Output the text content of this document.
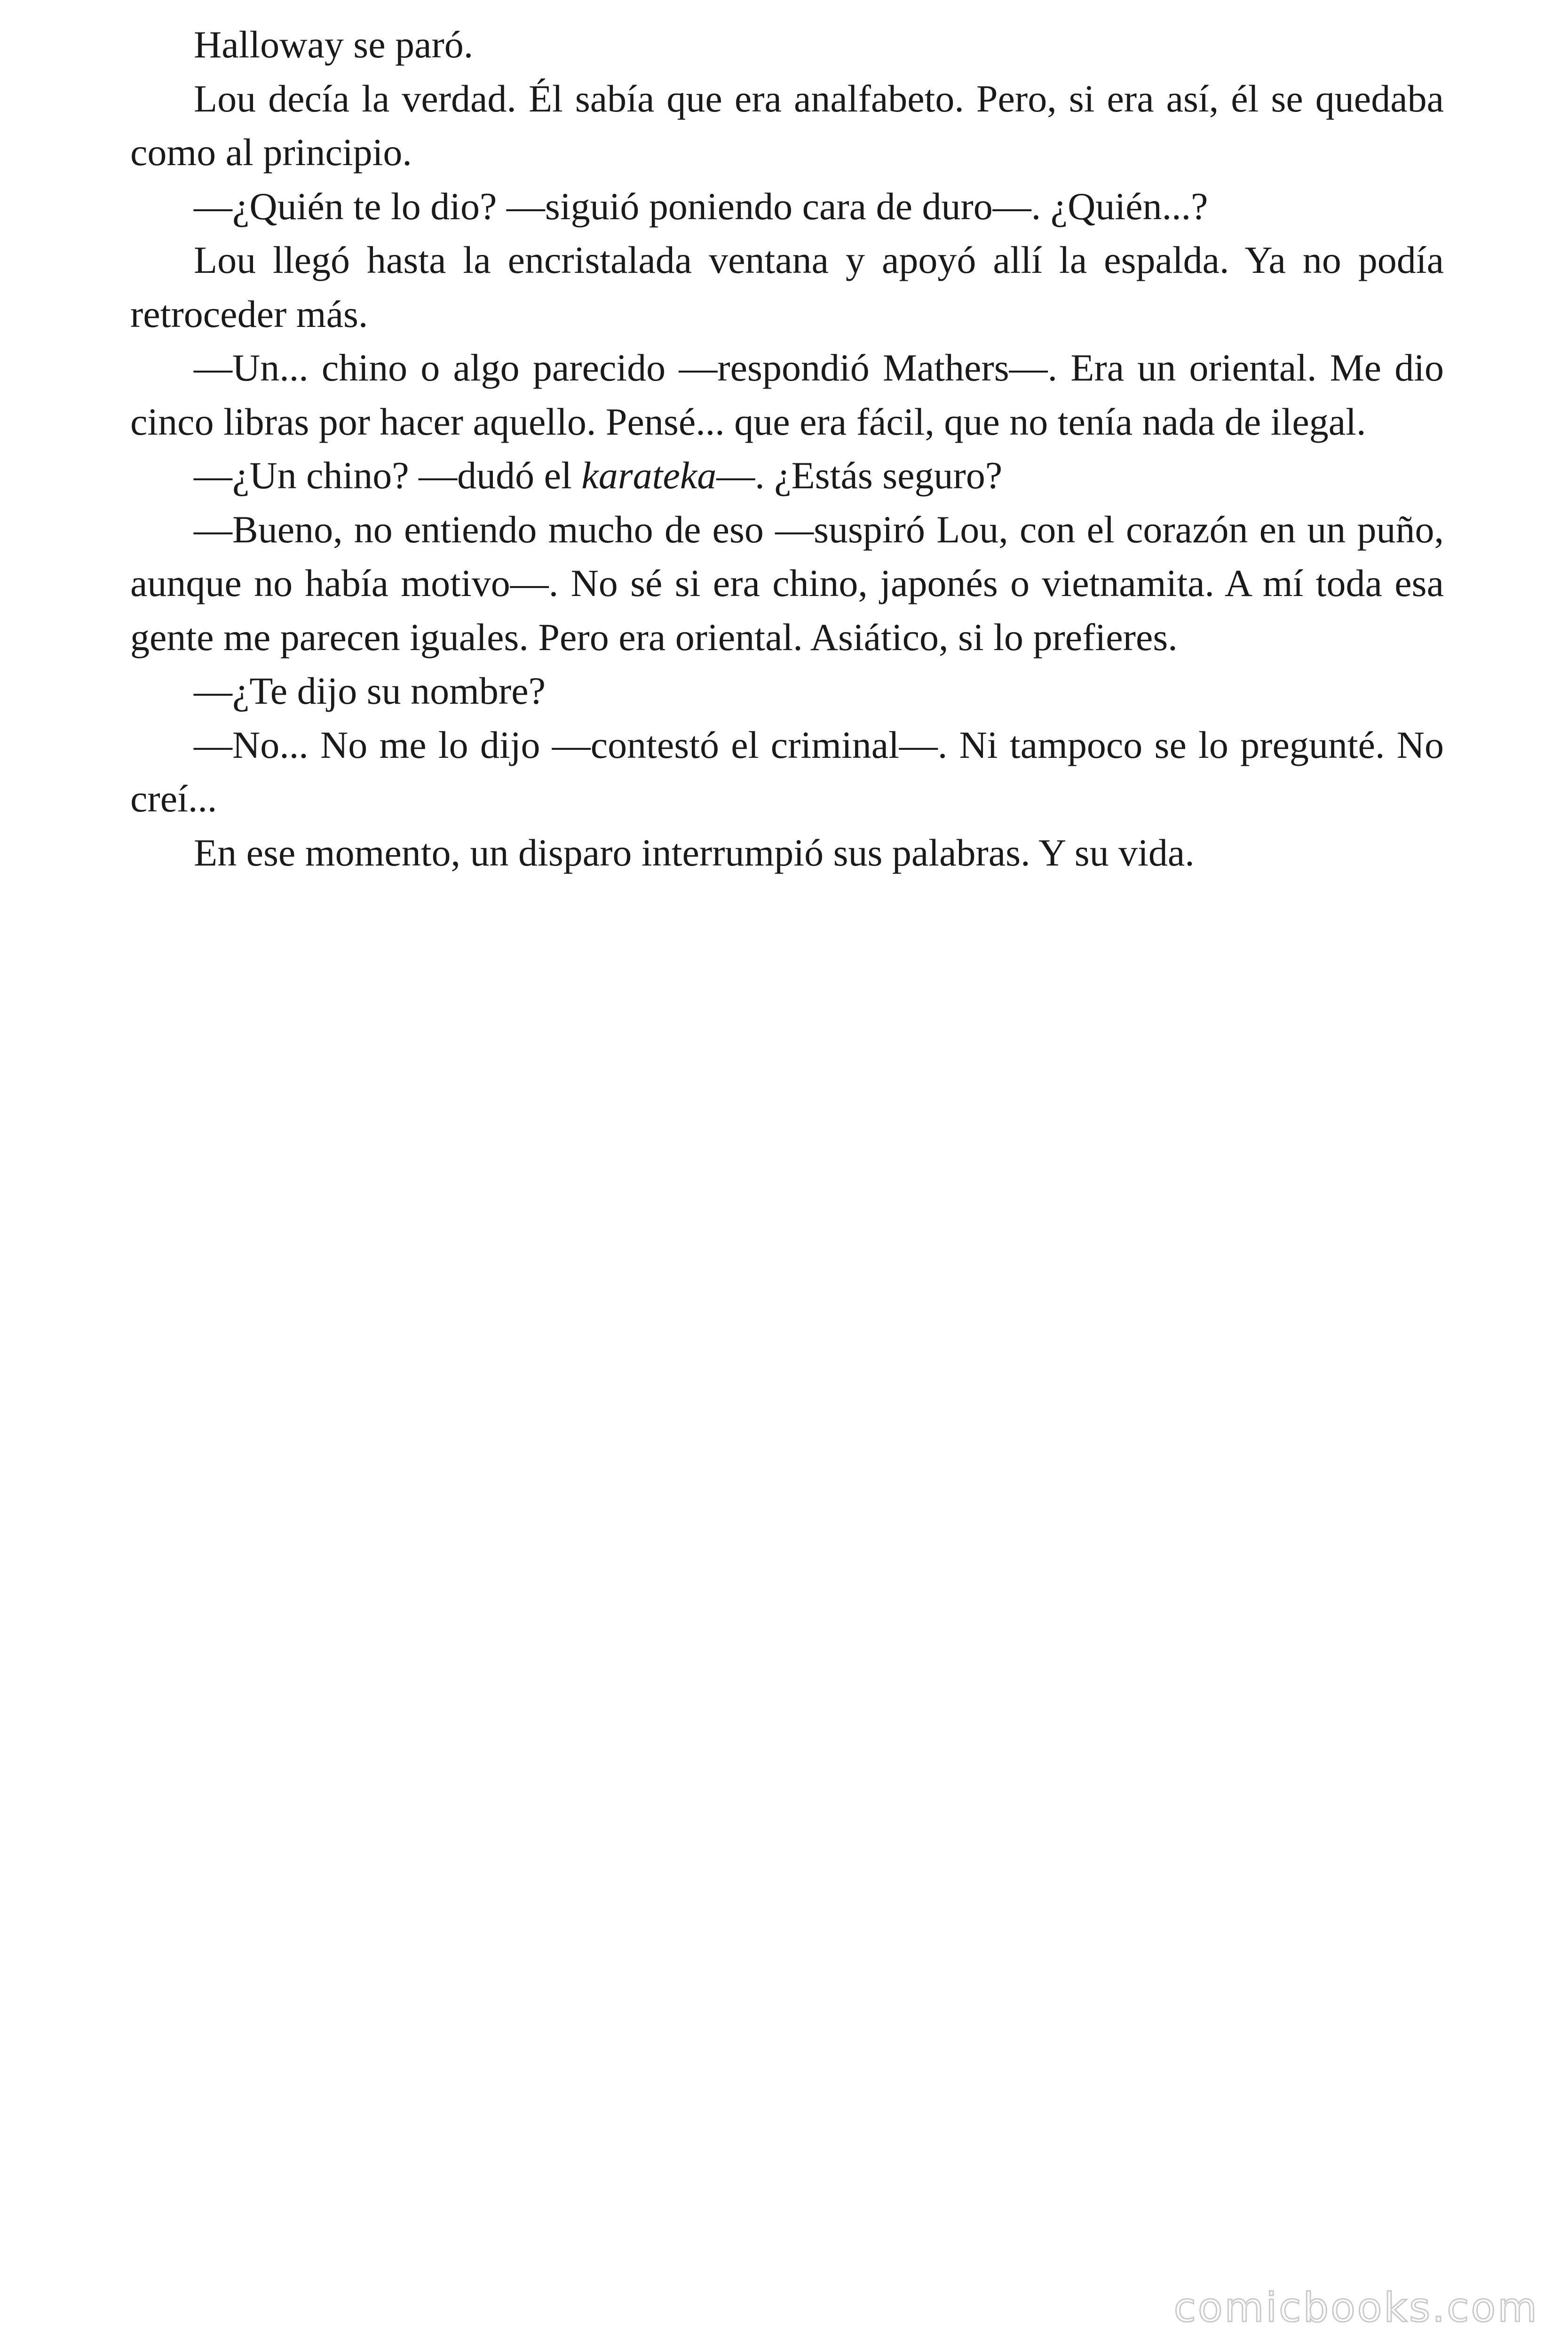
Halloway se paró.

Lou decía la verdad. Él sabía que era analfabeto. Pero, si era así, él se quedaba como al principio.

—¿Quién te lo dio? —siguió poniendo cara de duro—. ¿Quién...?

Lou llegó hasta la encristalada ventana y apoyó allí la espalda. Ya no podía retroceder más.

—Un... chino o algo parecido —respondió Mathers—. Era un oriental. Me dio cinco libras por hacer aquello. Pensé... que era fácil, que no tenía nada de ilegal.

—¿Un chino? —dudó el karateka—. ¿Estás seguro?

—Bueno, no entiendo mucho de eso —suspiró Lou, con el corazón en un puño, aunque no había motivo—. No sé si era chino, japonés o vietnamita. A mí toda esa gente me parecen iguales. Pero era oriental. Asiático, si lo prefieres.

—¿Te dijo su nombre?

—No... No me lo dijo —contestó el criminal—. Ni tampoco se lo pregunté. No creí...

En ese momento, un disparo interrumpió sus palabras. Y su vida.

comicbooks.com
